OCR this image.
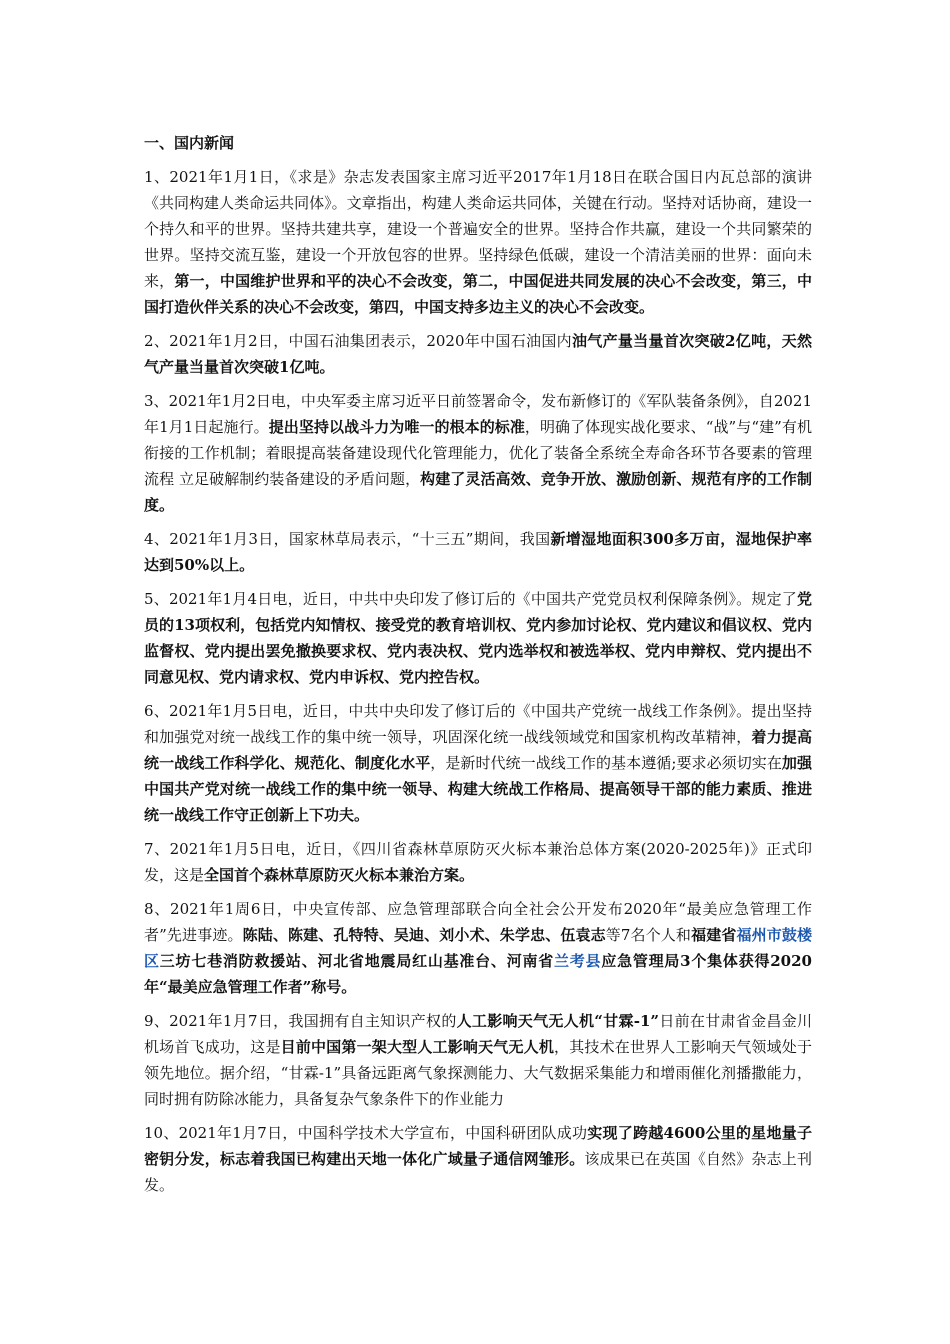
一、国内新闻

1、2021年1月1日，《求是》杂志发表国家主席习近平2017年1月18日在联合国日内瓦总部的演讲《共同构建人类命运共同体》。文章指出，构建人类命运共同体，关键在行动。坚持对话协商，建设一个持久和平的世界。坚持共建共享，建设一个普遍安全的世界。坚持合作共赢，建设一个共同繁荣的世界。坚持交流互鉴，建设一个开放包容的世界。坚持绿色低碳，建设一个清洁美丽的世界：面向未来，第一，中国维护世界和平的决心不会改变，第二，中国促进共同发展的决心不会改变，第三，中国打造伙伴关系的决心不会改变，第四，中国支持多边主义的决心不会改变。

2、2021年1月2日，中国石油集团表示，2020年中国石油国内油气产量当量首次突破2亿吨，天然气产量当量首次突破1亿吨。

3、2021年1月2日电，中央军委主席习近平日前签署命令，发布新修订的《军队装备条例》，自2021年1月1日起施行。提出坚持以战斗力为唯一的根本的标准，明确了体现实战化要求、“战”与“建”有机衔接的工作机制；着眼提高装备建设现代化管理能力，优化了装备全系统全寿命各环节各要素的管理流程 立足破解制约装备建设的矛盾问题，构建了灵活高效、竞争开放、激励创新、规范有序的工作制度。

4、2021年1月3日，国家林草局表示，“十三五”期间，我国新增湿地面积300多万亩，湿地保护率达到50%以上。

5、2021年1月4日电，近日，中共中央印发了修订后的《中国共产党党员权利保障条例》。规定了党员的13项权利，包括党内知情权、接受党的教育培训权、党内参加讨论权、党内建议和倡议权、党内监督权、党内提出罢免撤换要求权、党内表决权、党内选举权和被选举权、党内申辩权、党内提出不同意见权、党内请求权、党内申诉权、党内控告权。

6、2021年1月5日电，近日，中共中央印发了修订后的《中国共产党统一战线工作条例》。提出坚持和加强党对统一战线工作的集中统一领导，巩固深化统一战线领域党和国家机构改革精神，着力提高统一战线工作科学化、规范化、制度化水平，是新时代统一战线工作的基本遵循;要求必须切实在加强中国共产党对统一战线工作的集中统一领导、构建大统战工作格局、提高领导干部的能力素质、推进统一战线工作守正创新上下功夫。

7、2021年1月5日电，近日，《四川省森林草原防灭火标本兼治总体方案(2020-2025年)》正式印发，这是全国首个森林草原防灭火标本兼治方案。

8、2021年1周6日，中央宣传部、应急管理部联合向全社会公开发布2020年“最美应急管理工作者”先进事迹。陈陆、陈建、孔特特、吴迪、刘小术、朱学忠、伍袁志等7名个人和福建省福州市鼓楼区三坊七巷消防救援站、河北省地震局红山基准台、河南省兰考县应急管理局3个集体获得2020年“最美应急管理工作者”称号。

9、2021年1月7日，我国拥有自主知识产权的人工影响天气无人机“甘霖-1”日前在甘肃省金昌金川机场首飞成功，这是目前中国第一架大型人工影响天气无人机，其技术在世界人工影响天气领域处于领先地位。据介绍，“甘霖-1”具备远距离气象探测能力、大气数据采集能力和增雨催化剂播撒能力，同时拥有防除冰能力，具备复杂气象条件下的作业能力

10、2021年1月7日，中国科学技术大学宣布，中国科研团队成功实现了跨越4600公里的星地量子密钥分发，标志着我国已构建出天地一体化广域量子通信网雏形。该成果已在英国《自然》杂志上刊发。
